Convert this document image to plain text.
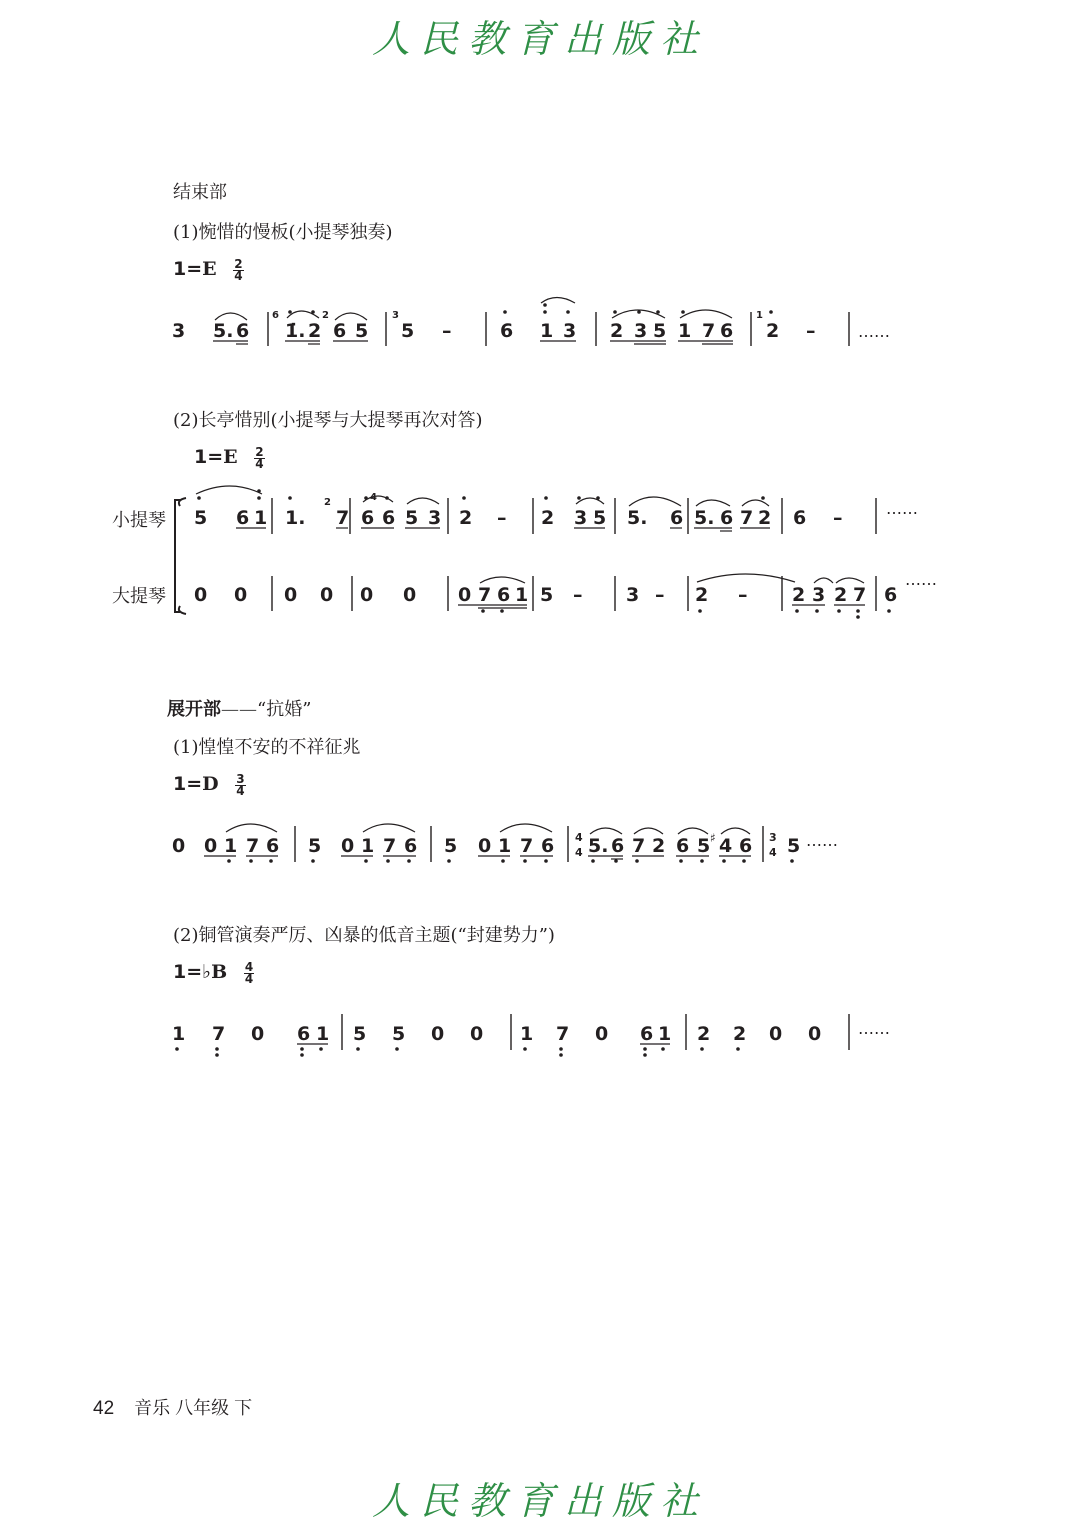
人民教育出版社
结束部
(1)惋惜的慢板(小提琴独奏)
$1=E \frac{2}{4}$
(2)长亭惜别(小提琴与大提琴再次对答)
$1=E \frac{2}{4}$
小提琴
大提琴
展开部——“抗婚”
(1)惶惶不安的不祥征兆
$1=D \frac{3}{4}$
(2)铜管演奏严厉、凶暴的低音主题(“封建势力”)
1=♭B $\frac{4}{4}$
3 5. 6 1̇. 2 6 5 5 –	6 1 3 2 3 5 1 7 6 2 –	……
6	2	3	1
5 6 1 1. 7 6 6 5 3 2 – 2 3 5 5. 6 5. 6 7 2 6 –	……
2	4
0 0 0 0 0 0 0 7 6 1 5 – 3 – 2 – 2 3 2 7 6
……
0 0 1 7 6 5 0 1 7 6 5 0 1 7 6 5. 6 7 2 6 5 4 6 5 ……
♯
4
4
3
4
1 7 0 6 1 5 5 0 0 1 7 0 6 1 2 2 0 0 ……
42 音乐 八年级 下
人民教育出版社
